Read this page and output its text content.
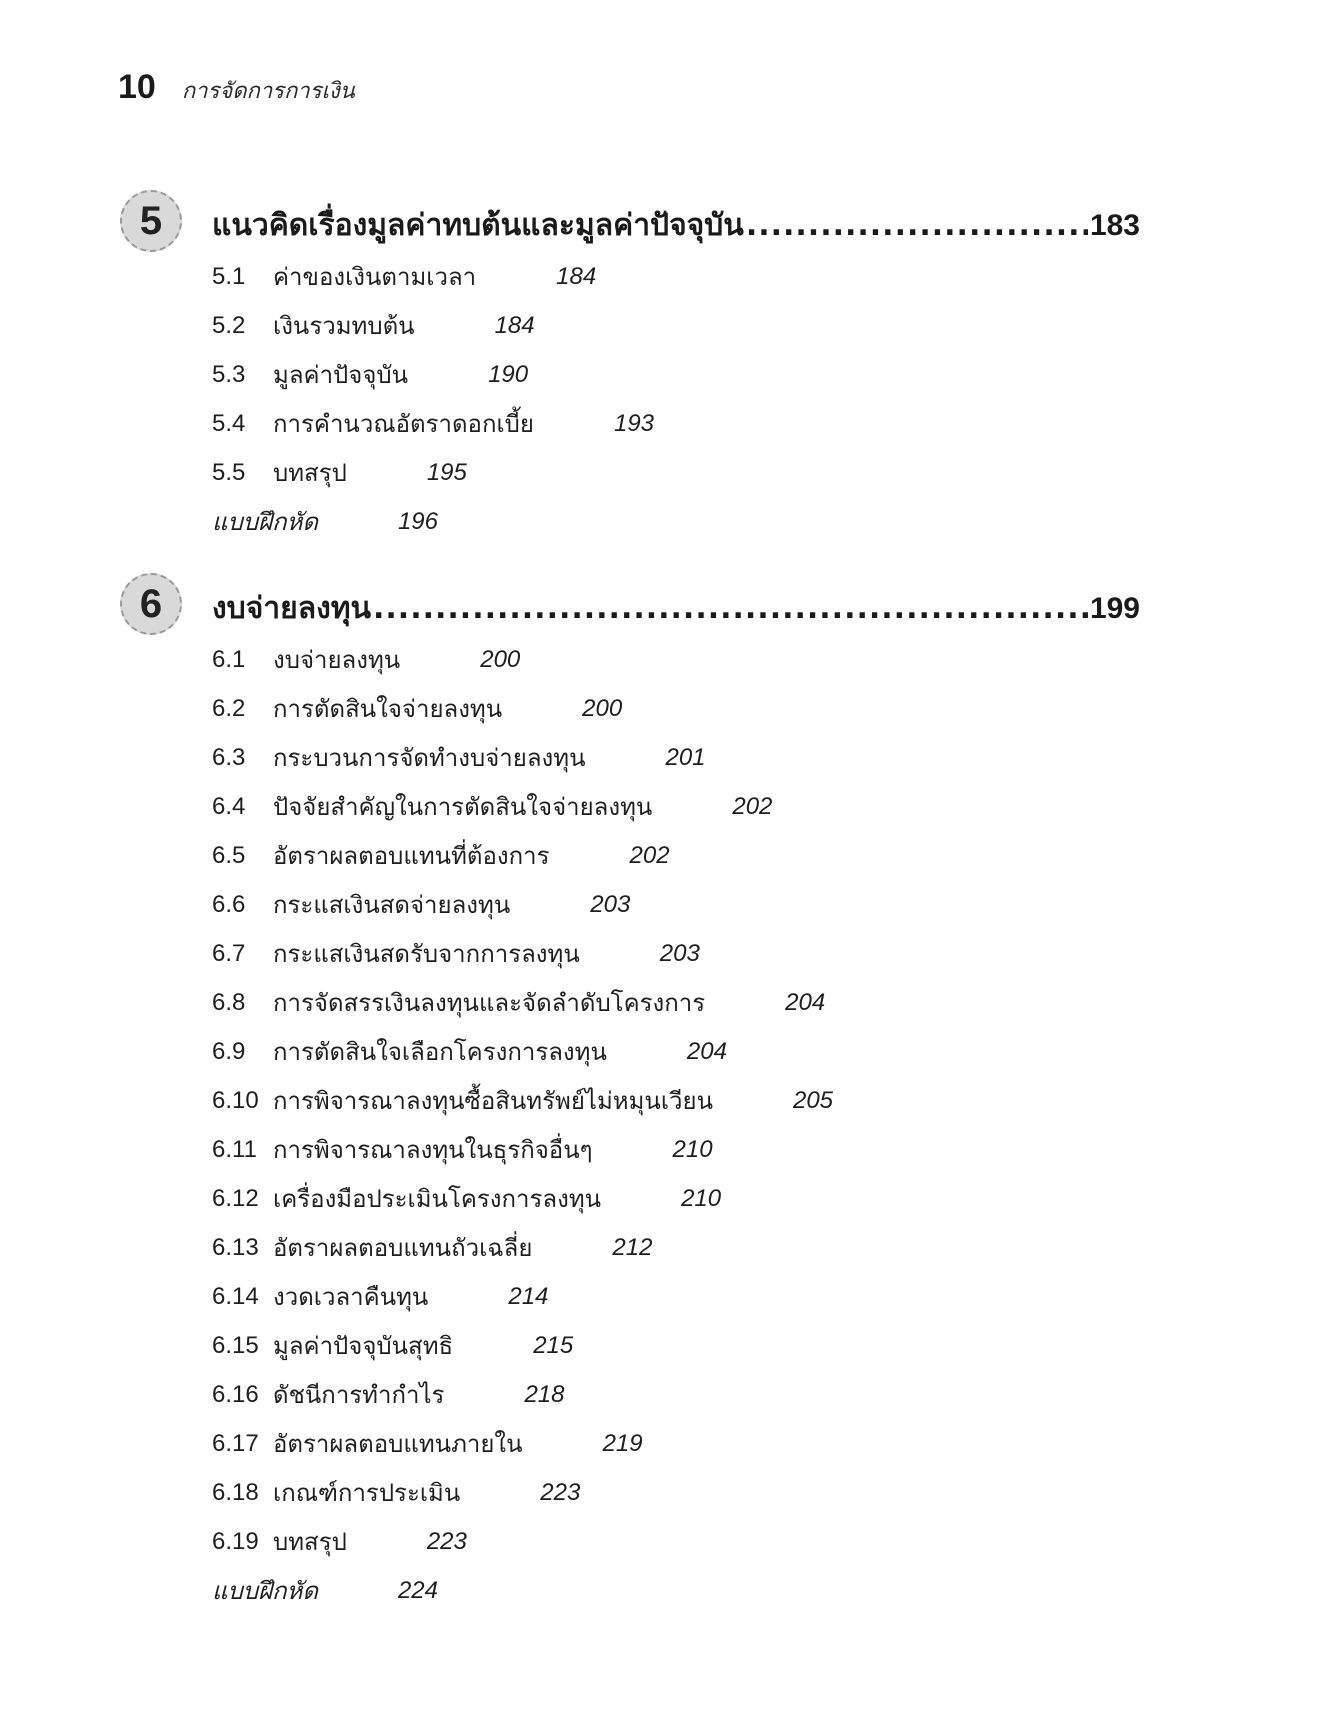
10 การจัดการการเงิน
5	แนวคิดเรื่องมูลค่าทบต้นและมูลค่าปัจจุบัน .....	183
5.1	ค่าของเงินตามเวลา	184
5.2	เงินรวมทบต้น	184
5.3	มูลค่าปัจจุบัน	190
5.4	การคำนวณอัตราดอกเบี้ย	193
5.5	บทสรุป	195
แบบฝึกหัด	196
6	งบจ่ายลงทุน .....	199
6.1	งบจ่ายลงทุน	200
6.2	การตัดสินใจจ่ายลงทุน	200
6.3	กระบวนการจัดทำงบจ่ายลงทุน	201
6.4	ปัจจัยสำคัญในการตัดสินใจจ่ายลงทุน	202
6.5	อัตราผลตอบแทนที่ต้องการ	202
6.6	กระแสเงินสดจ่ายลงทุน	203
6.7	กระแสเงินสดรับจากการลงทุน	203
6.8	การจัดสรรเงินลงทุนและจัดลำดับโครงการ	204
6.9	การตัดสินใจเลือกโครงการลงทุน	204
6.10 การพิจารณาลงทุนซื้อสินทรัพย์ไม่หมุนเวียน	205
6.11 การพิจารณาลงทุนในธุรกิจอื่นๆ	210
6.12 เครื่องมือประเมินโครงการลงทุน	210
6.13 อัตราผลตอบแทนถัวเฉลี่ย	212
6.14 งวดเวลาคืนทุน	214
6.15 มูลค่าปัจจุบันสุทธิ	215
6.16 ดัชนีการทำกำไร	218
6.17 อัตราผลตอบแทนภายใน	219
6.18 เกณฑ์การประเมิน	223
6.19 บทสรุป	223
แบบฝึกหัด	224
